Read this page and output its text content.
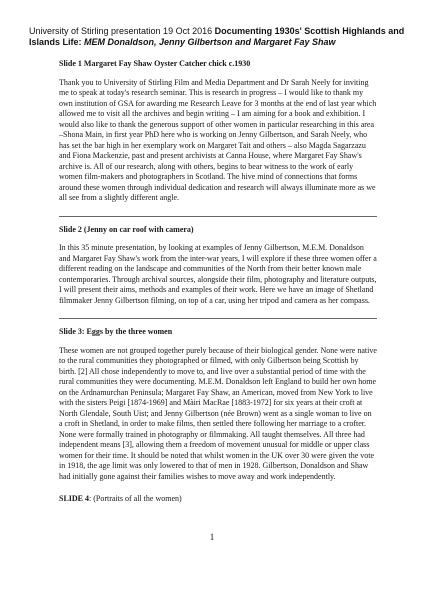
University of Stirling presentation 19 Oct 2016 Documenting 1930s' Scottish Highlands and Islands Life: MEM Donaldson, Jenny Gilbertson and Margaret Fay Shaw

Slide 1 Margaret Fay Shaw Oyster Catcher chick c.1930

Thank you to University of Stirling Film and Media Department and Dr Sarah Neely for inviting me to speak at today's research seminar. This is research in progress – I would like to thank my own institution of GSA for awarding me Research Leave for 3 months at the end of last year which allowed me to visit all the archives and begin writing – I am aiming for a book and exhibition. I would also like to thank the generous support of other women in particular researching in this area –Shona Main, in first year PhD here who is working on Jenny Gilbertson, and Sarah Neely, who has set the bar high in her exemplary work on Margaret Tait and others – also Magda Sagarzazu and Fiona Mackenzie, past and present archivists at Canna House, where Margaret Fay Shaw's archive is. All of our research, along with others, begins to bear witness to the work of early women film-makers and photographers in Scotland. The hive mind of connections that forms around these women through individual dedication and research will always illuminate more as we all see from a slightly different angle.

Slide 2 (Jenny on car roof with camera)

In this 35 minute presentation, by looking at examples of Jenny Gilbertson, M.E.M. Donaldson and Margaret Fay Shaw's work from the inter-war years, I will explore if these three women offer a different reading on the landscape and communities of the North from their better known male contemporaries. Through archival sources, alongside their film, photography and literature outputs, I will present their aims, methods and examples of their work. Here we have an image of Shetland filmmaker Jenny Gilbertson filming, on top of a car, using her tripod and camera as her compass.

Slide 3: Eggs by the three women

These women are not grouped together purely because of their biological gender. None were native to the rural communities they photographed or filmed, with only Gilbertson being Scottish by birth. [2] All chose independently to move to, and live over a substantial period of time with the rural communities they were documenting. M.E.M. Donaldson left England to build her own home on the Ardnamurchan Peninsula; Margaret Fay Shaw, an American, moved from New York to live with the sisters Peigi [1874-1969] and Màiri MacRae [1883-1972] for six years at their croft at North Glendale, South Uist; and Jenny Gilbertson (née Brown) went as a single woman to live on a croft in Shetland, in order to make films, then settled there following her marriage to a crofter. None were formally trained in photography or filmmaking. All taught themselves. All three had independent means [3], allowing them a freedom of movement unusual for middle or upper class women for their time. It should be noted that whilst women in the UK over 30 were given the vote in 1918, the age limit was only lowered to that of men in 1928. Gilbertson, Donaldson and Shaw had initially gone against their families wishes to move away and work independently.

SLIDE 4: (Portraits of all the women)

1
